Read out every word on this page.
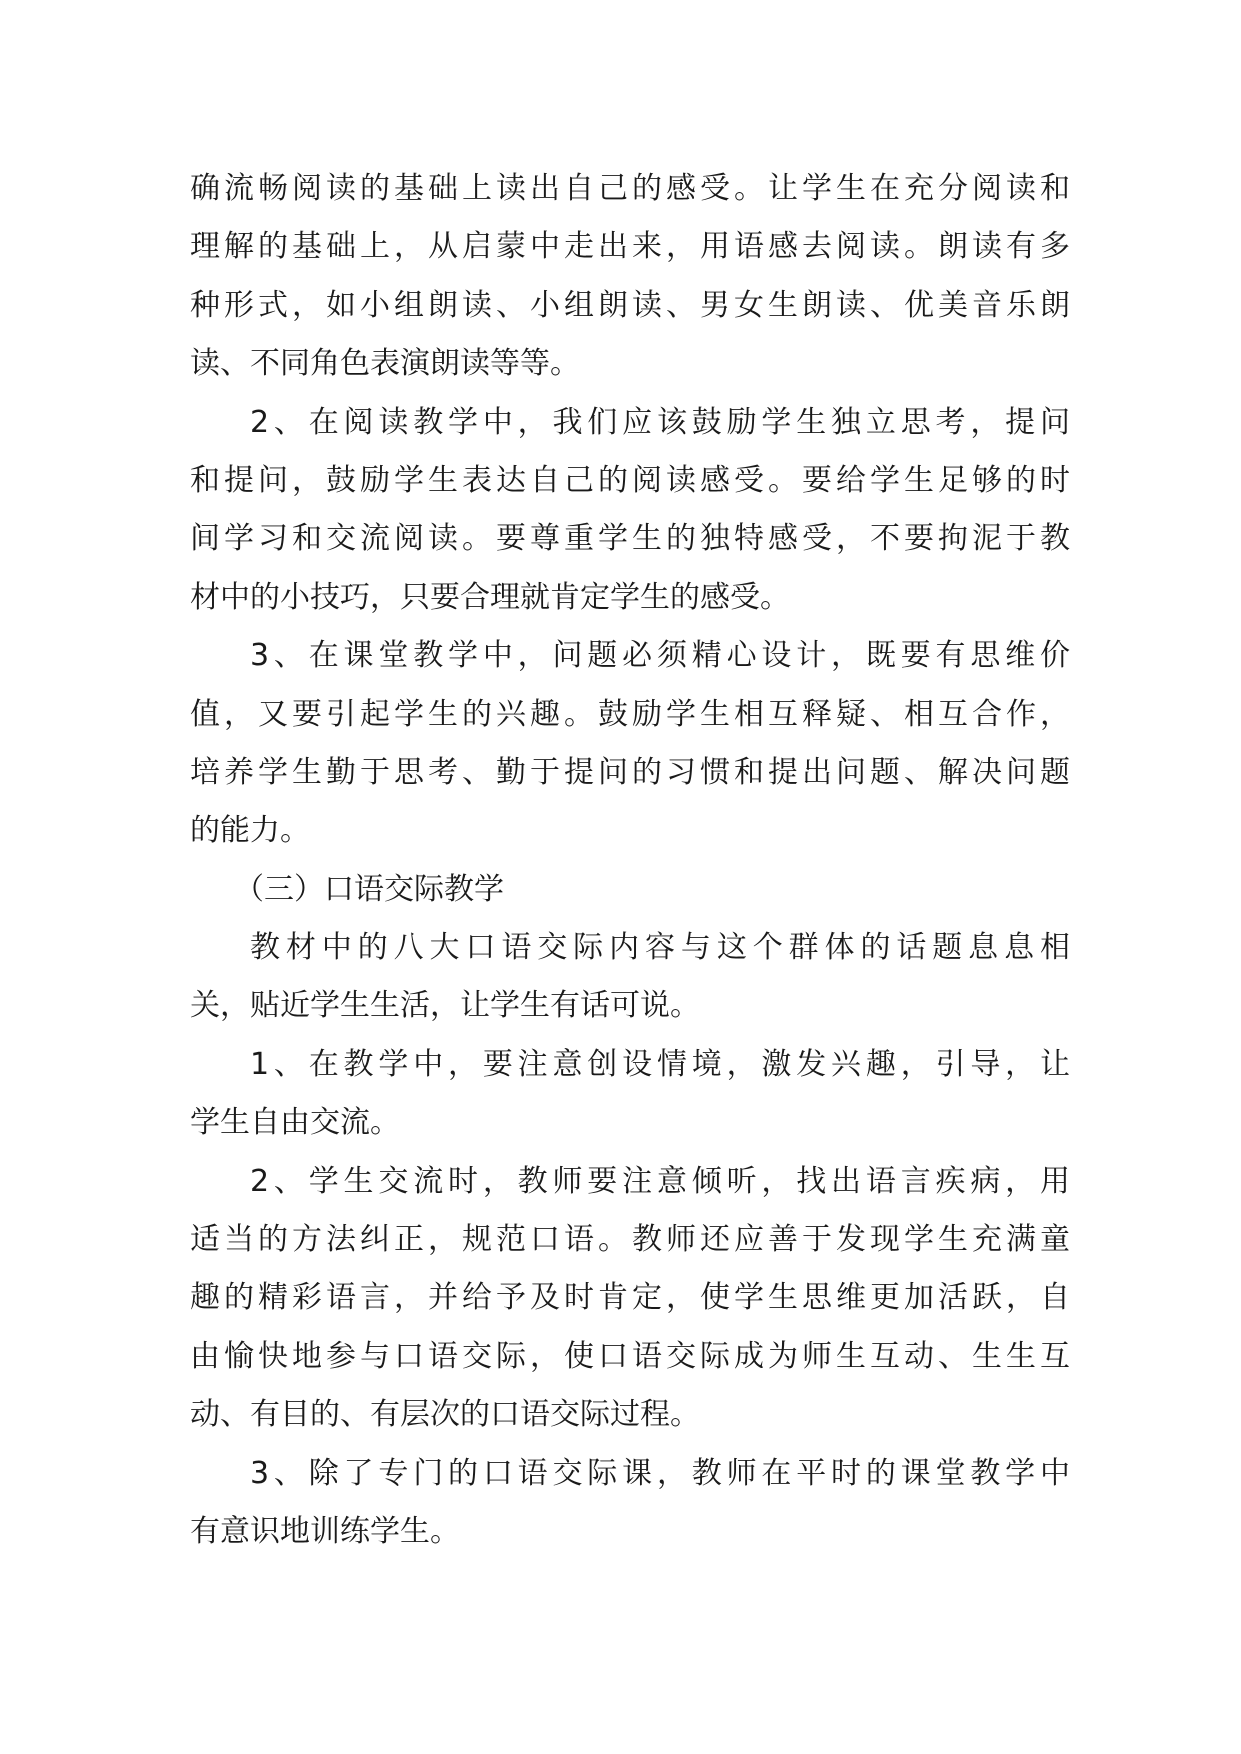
确流畅阅读的基础上读出自己的感受。让学生在充分阅读和
理解的基础上，从启蒙中走出来，用语感去阅读。朗读有多
种形式，如小组朗读、小组朗读、男女生朗读、优美音乐朗
读、不同角色表演朗读等等。
2、在阅读教学中，我们应该鼓励学生独立思考，提问
和提问，鼓励学生表达自己的阅读感受。要给学生足够的时
间学习和交流阅读。要尊重学生的独特感受，不要拘泥于教
材中的小技巧，只要合理就肯定学生的感受。
3、在课堂教学中，问题必须精心设计，既要有思维价
值，又要引起学生的兴趣。鼓励学生相互释疑、相互合作，
培养学生勤于思考、勤于提问的习惯和提出问题、解决问题
的能力。
（三）口语交际教学
教材中的八大口语交际内容与这个群体的话题息息相
关，贴近学生生活，让学生有话可说。
1、在教学中，要注意创设情境，激发兴趣，引导，让
学生自由交流。
2、学生交流时，教师要注意倾听，找出语言疾病，用
适当的方法纠正，规范口语。教师还应善于发现学生充满童
趣的精彩语言，并给予及时肯定，使学生思维更加活跃，自
由愉快地参与口语交际，使口语交际成为师生互动、生生互
动、有目的、有层次的口语交际过程。
3、除了专门的口语交际课，教师在平时的课堂教学中
有意识地训练学生。
